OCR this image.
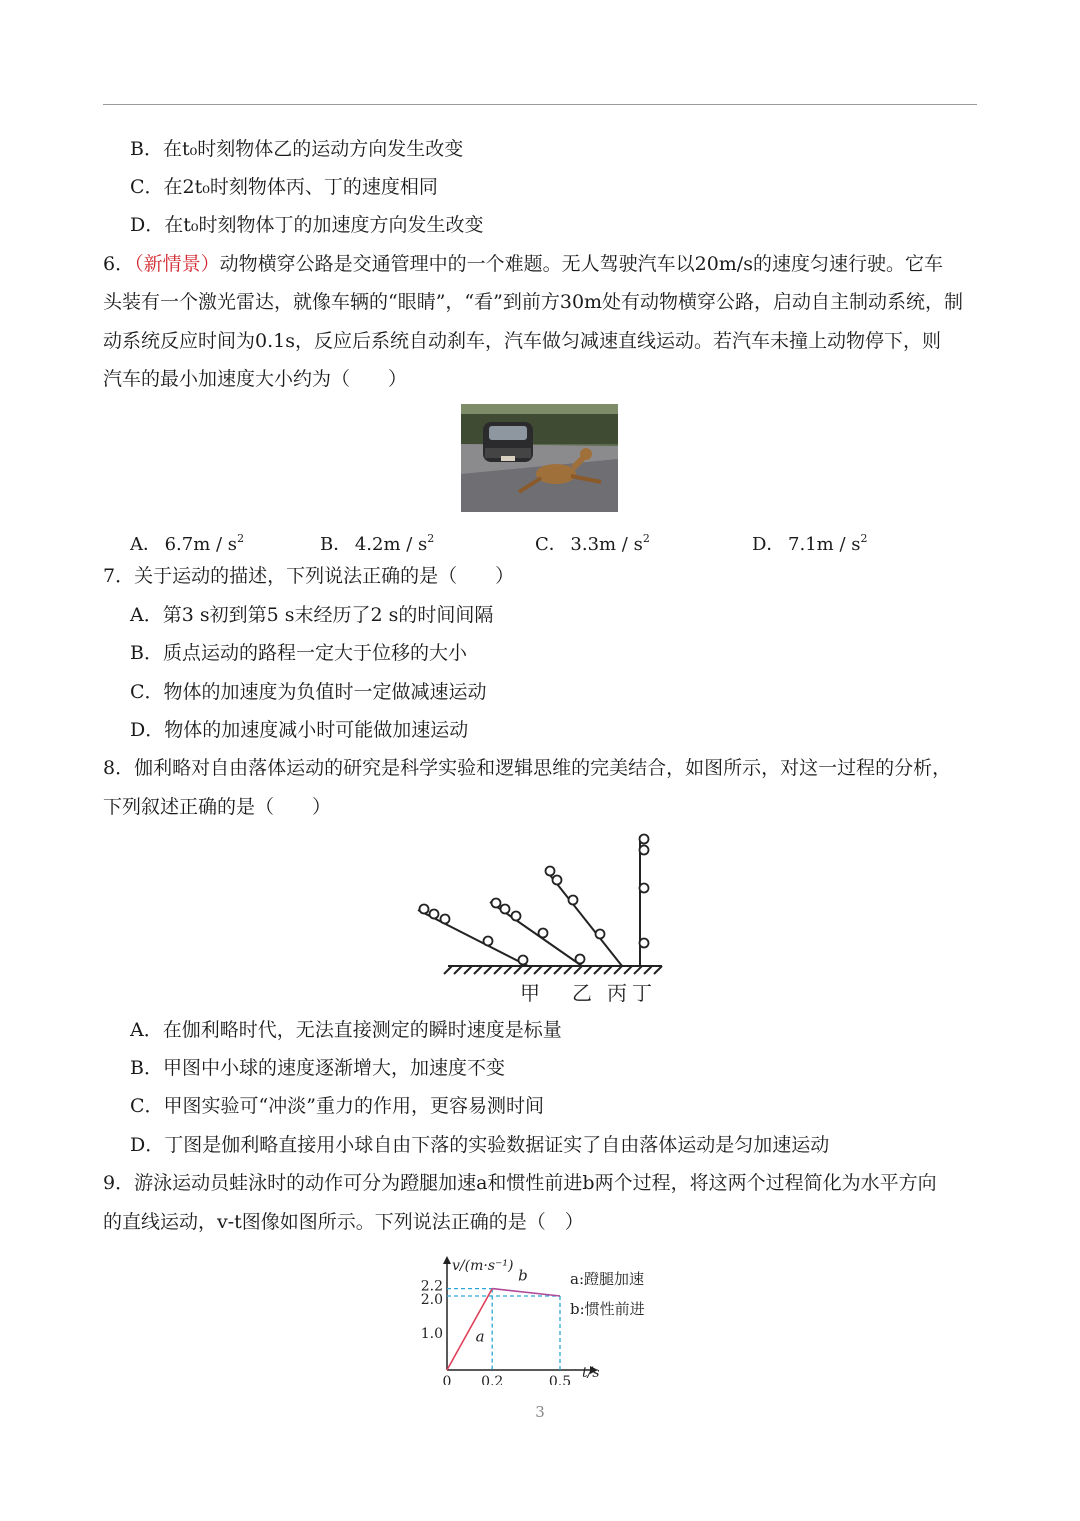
B．在t₀时刻物体乙的运动方向发生改变
C．在2t₀时刻物体丙、丁的速度相同
D．在t₀时刻物体丁的加速度方向发生改变
6．（新情景）动物横穿公路是交通管理中的一个难题。无人驾驶汽车以20m/s的速度匀速行驶。它车
头装有一个激光雷达，就像车辆的“眼睛”，“看”到前方30m处有动物横穿公路，启动自主制动系统，制
动系统反应时间为0.1s，反应后系统自动刹车，汽车做匀减速直线运动。若汽车未撞上动物停下，则
汽车的最小加速度大小约为（　　）
A．  $6.7m / s^2$	B．  $4.2m / s^2$	C．  $3.3m / s^2$	D．  $7.1m / s^2$
7．关于运动的描述，下列说法正确的是（　　）
A．第3 s初到第5 s末经历了2 s的时间间隔
B．质点运动的路程一定大于位移的大小
C．物体的加速度为负值时一定做减速运动
D．物体的加速度减小时可能做加速运动
8．伽利略对自由落体运动的研究是科学实验和逻辑思维的完美结合，如图所示，对这一过程的分析，
下列叙述正确的是（　　）
甲 乙 丙 丁
A．在伽利略时代，无法直接测定的瞬时速度是标量
B．甲图中小球的速度逐渐增大，加速度不变
C．甲图实验可“冲淡”重力的作用，更容易测时间
D．丁图是伽利略直接用小球自由下落的实验数据证实了自由落体运动是匀加速运动
9．游泳运动员蛙泳时的动作可分为蹬腿加速a和惯性前进b两个过程，将这两个过程简化为水平方向
的直线运动，v-t图像如图所示。下列说法正确的是（　）
v/(m·s⁻¹)
t/s
a:蹬腿加速
b:惯性前进
a
b
2.2
2.0
1.0
0 0.2	0.5
3
